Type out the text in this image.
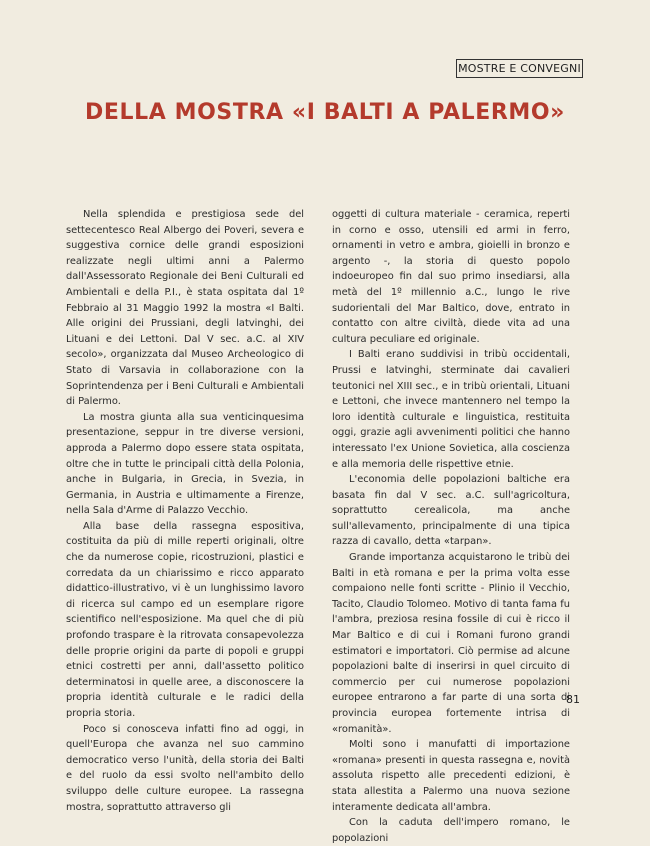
MOSTRE E CONVEGNI
DELLA MOSTRA «I BALTI A PALERMO»

Nella splendida e prestigiosa sede del settecentesco Real Albergo dei Poveri, severa e suggestiva cornice delle grandi esposizioni realizzate negli ultimi anni a Palermo dall'Assessorato Regionale dei Beni Culturali ed Ambientali e della P.I., è stata ospitata dal 1º Febbraio al 31 Maggio 1992 la mostra «I Balti. Alle origini dei Prussiani, degli latvinghi, dei Lituani e dei Lettoni. Dal V sec. a.C. al XIV secolo», organizzata dal Museo Archeologico di Stato di Varsavia in collaborazione con la Soprintendenza per i Beni Culturali e Ambientali di Palermo.

La mostra giunta alla sua venticinquesima presentazione, seppur in tre diverse versioni, approda a Palermo dopo essere stata ospitata, oltre che in tutte le principali città della Polonia, anche in Bulgaria, in Grecia, in Svezia, in Germania, in Austria e ultimamente a Firenze, nella Sala d'Arme di Palazzo Vecchio.

Alla base della rassegna espositiva, costituita da più di mille reperti originali, oltre che da numerose copie, ricostruzioni, plastici e corredata da un chiarissimo e ricco apparato didattico-illustrativo, vi è un lunghissimo lavoro di ricerca sul campo ed un esemplare rigore scientifico nell'esposizione. Ma quel che di più profondo traspare è la ritrovata consapevolezza delle proprie origini da parte di popoli e gruppi etnici costretti per anni, dall'assetto politico determinatosi in quelle aree, a disconoscere la propria identità culturale e le radici della propria storia.

Poco si conosceva infatti fino ad oggi, in quell'Europa che avanza nel suo cammino democratico verso l'unità, della storia dei Balti e del ruolo da essi svolto nell'ambito dello sviluppo delle culture europee. La rassegna mostra, soprattutto attraverso gli

oggetti di cultura materiale - ceramica, reperti in corno e osso, utensili ed armi in ferro, ornamenti in vetro e ambra, gioielli in bronzo e argento -, la storia di questo popolo indoeuropeo fin dal suo primo insediarsi, alla metà del 1º millennio a.C., lungo le rive sudorientali del Mar Baltico, dove, entrato in contatto con altre civiltà, diede vita ad una cultura peculiare ed originale.

I Balti erano suddivisi in tribù occidentali, Prussi e latvinghi, sterminate dai cavalieri teutonici nel XIII sec., e in tribù orientali, Lituani e Lettoni, che invece mantennero nel tempo la loro identità culturale e linguistica, restituita oggi, grazie agli avvenimenti politici che hanno interessato l'ex Unione Sovietica, alla coscienza e alla memoria delle rispettive etnie.

L'economia delle popolazioni baltiche era basata fin dal V sec. a.C. sull'agricoltura, soprattutto cerealicola, ma anche sull'allevamento, principalmente di una tipica razza di cavallo, detta «tarpan».

Grande importanza acquistarono le tribù dei Balti in età romana e per la prima volta esse compaiono nelle fonti scritte - Plinio il Vecchio, Tacito, Claudio Tolomeo. Motivo di tanta fama fu l'ambra, preziosa resina fossile di cui è ricco il Mar Baltico e di cui i Romani furono grandi estimatori e importatori. Ciò permise ad alcune popolazioni balte di inserirsi in quel circuito di commercio per cui numerose popolazioni europee entrarono a far parte di una sorta di provincia europea fortemente intrisa di «romanità».

Molti sono i manufatti di importazione «romana» presenti in questa rassegna e, novità assoluta rispetto alle precedenti edizioni, è stata allestita a Palermo una nuova sezione interamente dedicata all'ambra.

Con la caduta dell'impero romano, le popolazioni

81
